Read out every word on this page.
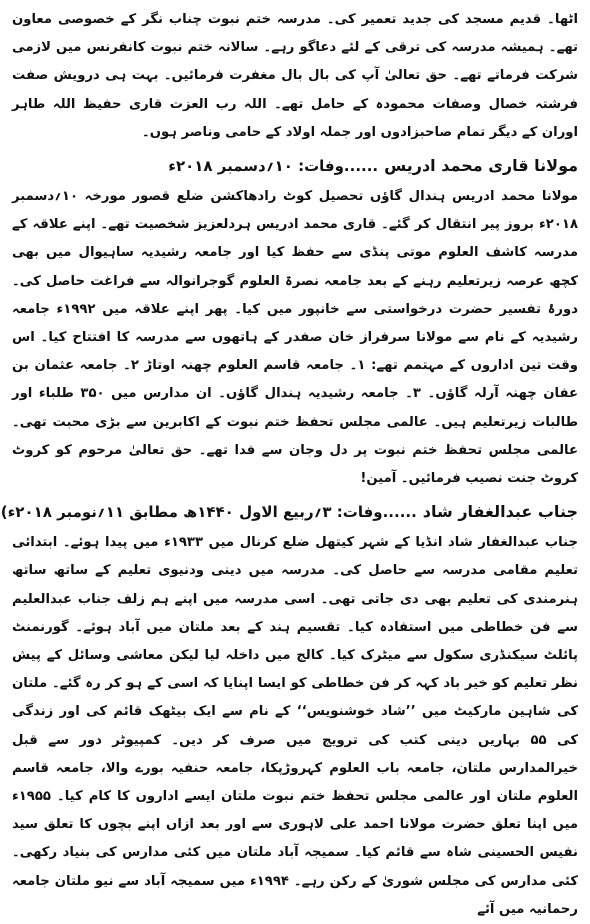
اٹھا۔ قدیم مسجد کی جدید تعمیر کی۔ مدرسہ ختم نبوت چناب نگر کے خصوصی معاون تھے۔ ہمیشہ مدرسہ کی ترقی کے لئے دعاگو رہے۔ سالانہ ختم نبوت کانفرنس میں لازمی شرکت فرماتے تھے۔ حق تعالیٰ آپ کی بال بال مغفرت فرمائیں۔ بہت ہی درویش صفت فرشتہ خصال وصفات محمودہ کے حامل تھے۔ اللہ رب العزت قاری حفیظ اللہ طاہر اوران کے دیگر تمام صاحبزادوں اور جملہ اولاد کے حامی وناصر ہوں۔

مولانا قاری محمد ادریس......وفات: ۱۰؍دسمبر ۲۰۱۸ء

مولانا محمد ادریس ہندال گاؤں تحصیل کوٹ رادھاکشن ضلع قصور مورخہ ۱۰؍دسمبر ۲۰۱۸ء بروز پیر انتقال کر گئے۔ قاری محمد ادریس ہردلعزیز شخصیت تھے۔ اپنے علاقہ کے مدرسہ کاشف العلوم موتی پنڈی سے حفظ کیا اور جامعہ رشیدیہ ساہیوال میں بھی کچھ عرصہ زیرتعلیم رہنے کے بعد جامعہ نصرۃ العلوم گوجرانوالہ سے فراغت حاصل کی۔ دورۂ تفسیر حضرت درخواستی سے خانپور میں کیا۔ پھر اپنے علاقہ میں ۱۹۹۲ء جامعہ رشیدیہ کے نام سے مولانا سرفراز خان صفدر کے ہاتھوں سے مدرسہ کا افتتاح کیا۔ اس وقت تین اداروں کے مہتمم تھے: ۱۔ جامعہ قاسم العلوم چھنہ اوتاڑ ۲۔ جامعہ عثمان بن عفان چھنہ آرلہ گاؤں۔ ۳۔ جامعہ رشیدیہ ہندال گاؤں۔ ان مدارس میں ۳۵۰ طلباء اور طالبات زیرتعلیم ہیں۔ عالمی مجلس تحفظ ختم نبوت کے اکابرین سے بڑی محبت تھی۔ عالمی مجلس تحفظ ختم نبوت پر دل وجان سے فدا تھے۔ حق تعالیٰ مرحوم کو کروٹ کروٹ جنت نصیب فرمائیں۔ آمین!

جناب عبدالغفار شاد......وفات: ۳؍ربیع الاول ۱۴۴۰ھ مطابق ۱۱؍نومبر ۲۰۱۸ء)

جناب عبدالغفار شاد انڈیا کے شہر کیتھل ضلع کرنال میں ۱۹۳۳ء میں پیدا ہوئے۔ ابتدائی تعلیم مقامی مدرسہ سے حاصل کی۔ مدرسہ میں دینی ودنیوی تعلیم کے ساتھ ساتھ ہنرمندی کی تعلیم بھی دی جاتی تھی۔ اسی مدرسہ میں اپنے ہم زلف جناب عبدالعلیم سے فن خطاطی میں استفادہ کیا۔ تقسیم ہند کے بعد ملتان میں آباد ہوئے۔ گورنمنٹ پائلٹ سیکنڈری سکول سے میٹرک کیا۔ کالج میں داخلہ لیا لیکن معاشی وسائل کے پیش نظر تعلیم کو خیر باد کہہ کر فن خطاطی کو ایسا اپنایا کہ اسی کے ہو کر رہ گئے۔ ملتان کی شاہین مارکیٹ میں ’’شاد خوشنویس‘‘ کے نام سے ایک بیٹھک قائم کی اور زندگی کی ۵۵ بہاریں دینی کتب کی ترویج میں صرف کر دیں۔ کمپیوٹر دور سے قبل خیرالمدارس ملتان، جامعہ باب العلوم کہروڑپکا، جامعہ حنفیہ بورے والا، جامعہ قاسم العلوم ملتان اور عالمی مجلس تحفظ ختم نبوت ملتان ایسے اداروں کا کام کیا۔ ۱۹۵۵ء میں اپنا تعلق حضرت مولانا احمد علی لاہوری سے اور بعد ازاں اپنے بچوں کا تعلق سید نفیس الحسینی شاہ سے قائم کیا۔ سمیجہ آباد ملتان میں کئی مدارس کی بنیاد رکھی۔ کئی مدارس کی مجلس شوریٰ کے رکن رہے۔ ۱۹۹۴ء میں سمیجہ آباد سے نیو ملتان جامعہ رحمانیہ میں آئے
